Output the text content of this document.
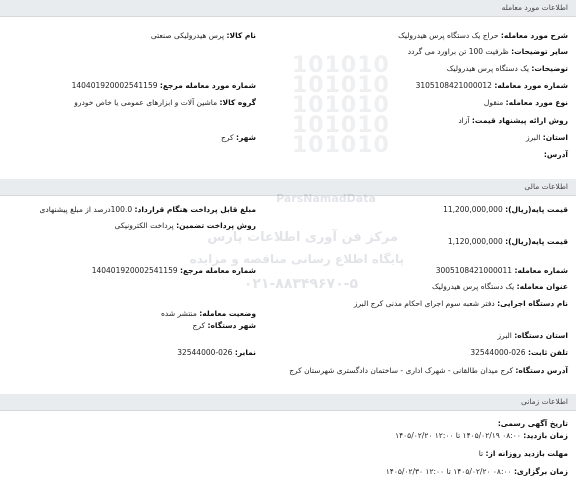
اطلاعات مورد معامله
شرح مورد معامله: حراج یک دستگاه پرس هیدرولیک
نام کالا: پرس هیدرولیکی صنعتی
سایر توضیحات: ظرفیت 100 تن براورد می گردد
توضیحات: یک دستگاه پرس هیدرولیک
شماره مورد معامله: 3105108421000012
شماره مورد معامله مرجع: 140401920002541159
نوع مورد معامله: منقول
گروه کالا: ماشین آلات و ابزارهای عمومی یا خاص خودرو
روش ارائه پیشنهاد قیمت: آزاد
استان: البرز
شهر: کرج
آدرس:
اطلاعات مالی
قیمت پایه(ریال): 11,200,000,000
مبلغ قابل پرداخت هنگام قرارداد: 100.0درصد از مبلغ پیشنهادی
روش پرداخت تضمین: پرداخت الکترونیکی
قیمت پایه(ریال): 1,120,000,000
شماره معامله: 3005108421000011
شماره معامله مرجع: 140401920002541159
عنوان معامله: یک دستگاه پرس هیدرولیک
نام دستگاه اجرایی: دفتر شعبه سوم اجرای احکام مدنی کرج البرز
وضعیت معامله: منتشر شده
استان دستگاه: البرز
شهر دستگاه: کرج
تلفن ثابت: 026-32544000
نمابر: 026-32544000
آدرس دستگاه: کرج میدان طالقانی - شهرک اداری - ساختمان دادگستری شهرستان کرج
اطلاعات زمانی
تاریخ آگهی رسمی:
زمان بازدید: ۰۸:۰۰ ۱۴۰۵/۰۲/۱۹ تا ۱۲:۰۰ ۱۴۰۵/۰۲/۲۰
مهلت بازدید روزانه از: تا
زمان برگزاری: ۰۸:۰۰ ۱۴۰۵/۰۲/۲۰ تا ۱۲:۰۰ ۱۴۰۵/۰۲/۳۰
101010
101010
101010
101010
101010
ParsNamadData
مرکز فن آوری اطلاعات پارس
پایگاه اطلاع رسانی مناقصه و مزایده
۰۲۱-۸۸۳۴۹۶۷۰-۵
